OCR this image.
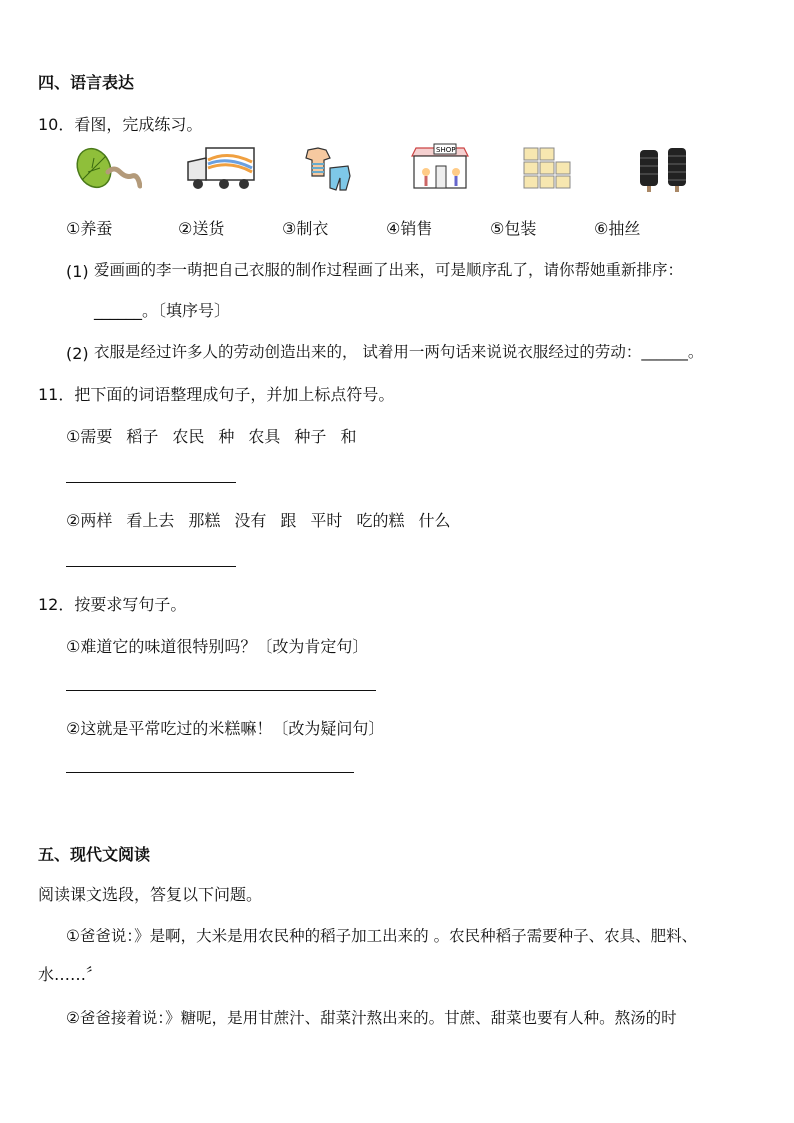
四、语言表达
10．看图，完成练习。
SHOP
①养蚕	②送货	③制衣	④销售	⑤包装	⑥抽丝
(1) 爱画画的李一萌把自己衣服的制作过程画了出来，可是顺序乱了，请你帮她重新排序：
______。〔填序号〕
(2) 衣服是经过许多人的劳动创造出来的， 试着用一两句话来说说衣服经过的劳动：______。
11．把下面的词语整理成句子，并加上标点符号。
①需要 稻子 农民 种 农具 种子 和
②两样 看上去 那糕 没有 跟 平时 吃的糕 什么
12．按要求写句子。
①难道它的味道很特别吗？〔改为肯定句〕
②这就是平常吃过的米糕嘛！〔改为疑问句〕
五、现代文阅读
阅读课文选段，答复以下问题。
①爸爸说：》是啊，大米是用农民种的稻子加工出来的 。农民种稻子需要种子、农具、肥料、
水……〞
②爸爸接着说：》糖呢，是用甘蔗汁、甜菜汁熬出来的。甘蔗、甜菜也要有人种。熬汤的时
